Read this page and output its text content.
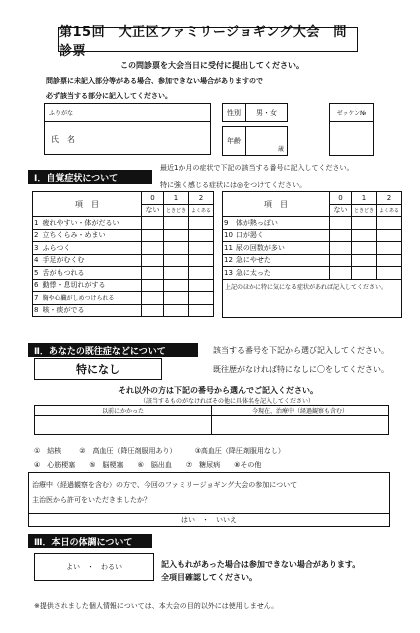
第15回　大正区ファミリージョギング大会　問診票
この問診票を大会当日に受付に提出してください。
問診票に未記入部分等がある場合、参加できない場合がありますので
必ず該当する部分に記入してください。
ふりがな
氏　名
性別	男・女
年齢
歳
ゼッケン№
Ⅰ．自覚症状について
最近1か月の症状で下記の該当する番号に記入してください。
特に強く感じる症状には◎をつけてください。
項　目		0	1	2
		ない	ときどき	よくある
1	疲れやすい・体がだるい			
2	立ちくらみ・めまい			
3	ふらつく			
4	手足がむくむ			
5	舌がもつれる			
6	動悸・息切れがする			
7	胸や心臓がしめつけられる			
8	咳・痰がでる			
項　目		0	1	2
		ない	ときどき	よくある
9	体が熱っぽい			
10	口が渇く			
11	尿の回数が多い			
12	急にやせた			
13	急に太った			
上記のほかに特に気になる症状があれば記入してください。				
Ⅱ．あなたの既往症などについて	該当する番号を下記から選び記入してください。
特になし	既往歴がなければ特になしに〇をしてください。
それ以外の方は下記の番号から選んでご記入ください。
（該当するものがなければその他に具体名を記入してください）
以前にかかった	今現在、治療中（経過観察も含む）
①　結核	②　高血圧（降圧剤服用あり）	③高血圧（降圧剤服用なし）
④　心筋梗塞 ⑤　脳梗塞 ⑥　脳出血 ⑦　糖尿病 ⑧その他
治療中（経過観察を含む）の方で、今回のファミリージョギング大会の参加について
主治医から許可をいただきましたか？
はい　・　いいえ
Ⅲ．本日の体調について
よい　・　わるい	記入もれがあった場合は参加できない場合があります。
全項目確認してください。
※提供されました個人情報については、本大会の目的以外には使用しません。
